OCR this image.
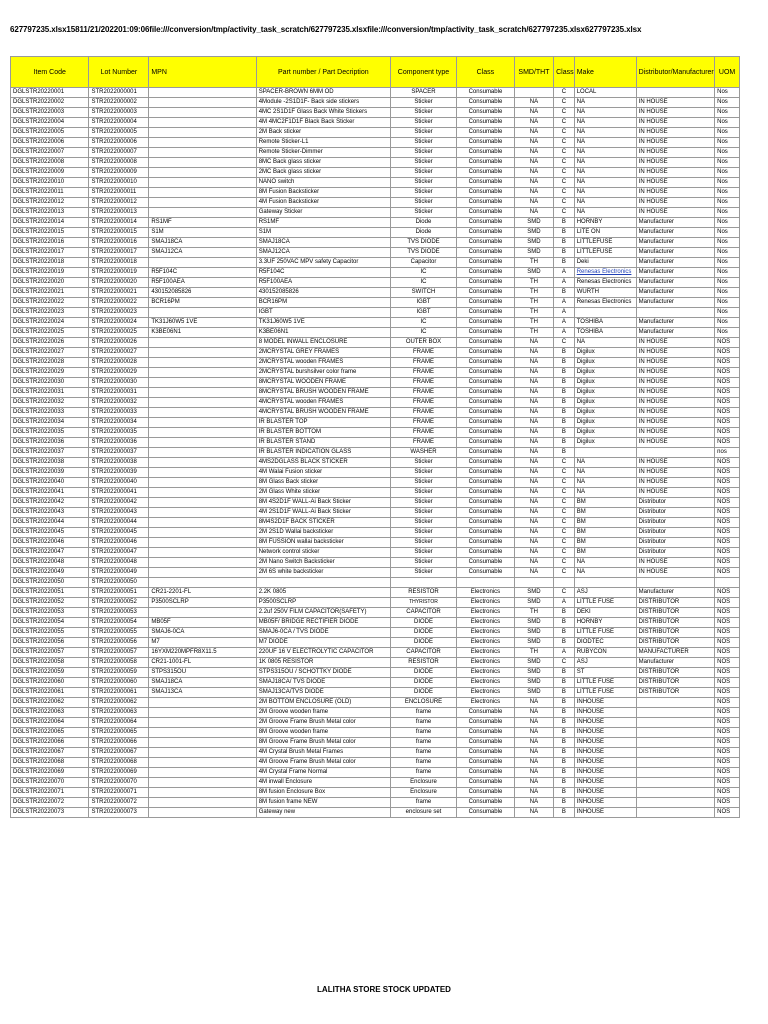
627797235.xlsx15811/21/202201:09:06file:///conversion/tmp/activity_task_scratch/627797235.xlsxfile:///conversion/tmp/activity_task_scratch/627797235.xlsx627797235.xlsx
Item Code	Lot Number	MPN	Part number / Part Decription	Component type	Class	SMD/THT	Class	Make	Distributor/Manufacturer	UOM
DGLSTR20220001	STR2022000001		SPACER-BROWN 6MM OD	SPACER	Consumable		C	LOCAL		Nos
DGLSTR20220002	STR2022000002		4Module -2S1D1F- Back side stickers	Sticker	Consumable	NA	C	NA	IN HOUSE	Nos
DGLSTR20220003	STR2022000003		4MC 2S1D1F Glass Back White Stickers	Sticker	Consumable	NA	C	NA	IN HOUSE	Nos
DGLSTR20220004	STR2022000004		4M 4MC2F1D1F Black Back Sticker	Sticker	Consumable	NA	C	NA	IN HOUSE	Nos
DGLSTR20220005	STR2022000005		2M Back sticker	Sticker	Consumable	NA	C	NA	IN HOUSE	Nos
DGLSTR20220006	STR2022000006		Remote Sticker-L1	Sticker	Consumable	NA	C	NA	IN HOUSE	Nos
DGLSTR20220007	STR2022000007		Remote Sticker-Dimmer	Sticker	Consumable	NA	C	NA	IN HOUSE	Nos
DGLSTR20220008	STR2022000008		8MC Back glass sticker	Sticker	Consumable	NA	C	NA	IN HOUSE	Nos
DGLSTR20220009	STR2022000009		2MC Back glass sticker	Sticker	Consumable	NA	C	NA	IN HOUSE	Nos
DGLSTR20220010	STR2022000010		NANO switch	Sticker	Consumable	NA	C	NA	IN HOUSE	Nos
DGLSTR20220011	STR2022000011		8M Fusion Backsticker	Sticker	Consumable	NA	C	NA	IN HOUSE	Nos
DGLSTR20220012	STR2022000012		4M Fusion Backsticker	Sticker	Consumable	NA	C	NA	IN HOUSE	Nos
DGLSTR20220013	STR2022000013		Gateway Sticker	Sticker	Consumable	NA	C	NA	IN HOUSE	Nos
DGLSTR20220014	STR2022000014	RS1MF	RS1MF	Diode	Consumable	SMD	B	HORNBY	Manufacturer	Nos
DGLSTR20220015	STR2022000015	S1M	S1M	Diode	Consumable	SMD	B	LITE ON	Manufacturer	Nos
DGLSTR20220016	STR2022000016	SMAJ18CA	SMAJ18CA	TVS DIODE	Consumable	SMD	B	LITTLEFUSE	Manufacturer	Nos
DGLSTR20220017	STR2022000017	SMAJ12CA	SMAJ12CA	TVS DIODE	Consumable	SMD	B	LITTLEFUSE	Manufacturer	Nos
DGLSTR20220018	STR2022000018		3.3UF 250VAC MPV safety Capacitor	Capacitor	Consumable	TH	B	Deki	Manufacturer	Nos
DGLSTR20220019	STR2022000019	R5F104C	R5F104C	IC	Consumable	SMD	A	Renesas Electronics	Manufacturer	Nos
DGLSTR20220020	STR2022000020	R5F100AEA	R5F100AEA	IC	Consumable	TH	A	Renesas Electronics	Manufacturer	Nos
DGLSTR20220021	STR2022000021	430152085826	430152085826	SWITCH	Consumable	TH	B	WURTH	Manufacturer	Nos
DGLSTR20220022	STR2022000022	BCR16PM	BCR16PM	IGBT	Consumable	TH	A	Renesas Electronics	Manufacturer	Nos
DGLSTR20220023	STR2022000023		IGBT	IGBT	Consumable	TH	A			Nos
DGLSTR20220024	STR2022000024	TK31J60W5 1VE	TK31J60W5 1VE	IC	Consumable	TH	A	TOSHIBA	Manufacturer	Nos
DGLSTR20220025	STR2022000025	K3BE06N1	K3BE06N1	IC	Consumable	TH	A	TOSHIBA	Manufacturer	Nos
DGLSTR20220026	STR2022000026		8 MODEL INWALL ENCLOSURE	OUTER BOX	Consumable	NA	C	NA	IN HOUSE	NOS
DGLSTR20220027	STR2022000027		2MCRYSTAL GREY FRAMES	FRAME	Consumable	NA	B	Digilux	IN HOUSE	NOS
DGLSTR20220028	STR2022000028		2MCRYSTAL wooden FRAMES	FRAME	Consumable	NA	B	Digilux	IN HOUSE	NOS
DGLSTR20220029	STR2022000029		2MCRYSTAL burshsilver color frame	FRAME	Consumable	NA	B	Digilux	IN HOUSE	NOS
DGLSTR20220030	STR2022000030		8MCRYSTAL WOODEN FRAME	FRAME	Consumable	NA	B	Digilux	IN HOUSE	NOS
DGLSTR20220031	STR2022000031		8MCRYSTAL BRUSH WOODEN FRAME	FRAME	Consumable	NA	B	Digilux	IN HOUSE	NOS
DGLSTR20220032	STR2022000032		4MCRYSTAL wooden FRAMES	FRAME	Consumable	NA	B	Digilux	IN HOUSE	NOS
DGLSTR20220033	STR2022000033		4MCRYSTAL BRUSH WOODEN FRAME	FRAME	Consumable	NA	B	Digilux	IN HOUSE	NOS
DGLSTR20220034	STR2022000034		IR BLASTER TOP	FRAME	Consumable	NA	B	Digilux	IN HOUSE	NOS
DGLSTR20220035	STR2022000035		IR BLASTER BOTTOM	FRAME	Consumable	NA	B	Digilux	IN HOUSE	NOS
DGLSTR20220036	STR2022000036		IR BLASTER STAND	FRAME	Consumable	NA	B	Digilux	IN HOUSE	NOS
DGLSTR20220037	STR2022000037		IR BLASTER INDICATION GLASS	WASHER	Consumable	NA	B			nos
DGLSTR20220038	STR2022000038		4MS2DGLASS BLACK STICKER	Sticker	Consumable	NA	C	NA	IN HOUSE	NOS
DGLSTR20220039	STR2022000039		4M Walai Fusion sticker	Sticker	Consumable	NA	C	NA	IN HOUSE	NOS
DGLSTR20220040	STR2022000040		8M Glass Back sticker	Sticker	Consumable	NA	C	NA	IN HOUSE	NOS
DGLSTR20220041	STR2022000041		2M Glass White sticker	Sticker	Consumable	NA	C	NA	IN HOUSE	NOS
DGLSTR20220042	STR2022000042		8M 4S2D1F WALL-Ai Back Sticker	Sticker	Consumable	NA	C	BM	Distributor	NOS
DGLSTR20220043	STR2022000043		4M 2S1D1F WALL-Ai Back Sticker	Sticker	Consumable	NA	C	BM	Distributor	NOS
DGLSTR20220044	STR2022000044		8M4S2D1F BACK STICKER	Sticker	Consumable	NA	C	BM	Distributor	NOS
DGLSTR20220045	STR2022000045		2M 2S1D Wallai backsticker	Sticker	Consumable	NA	C	BM	Distributor	NOS
DGLSTR20220046	STR2022000046		8M FUSSION wallai backsticker	Sticker	Consumable	NA	C	BM	Distributor	NOS
DGLSTR20220047	STR2022000047		Network control sticker	Sticker	Consumable	NA	C	BM	Distributor	NOS
DGLSTR20220048	STR2022000048		2M Nano Switch Backsticker	Sticker	Consumable	NA	C	NA	IN HOUSE	NOS
DGLSTR20220049	STR2022000049		2M 6S white backsticker	Sticker	Consumable	NA	C	NA	IN HOUSE	NOS
DGLSTR20220050	STR2022000050									
DGLSTR20220051	STR2022000051	CR21-2201-FL	2.2K 0805	RESISTOR	Electronics	SMD	C	ASJ	Manufacturer	NOS
DGLSTR20220052	STR2022000052	P3500SCLRP	P3500SCLRP	THYRISTOR	Electronics	SMD	A	LITTLE FUSE	DISTRIBUTOR	NOS
DGLSTR20220053	STR2022000053		2.2uf 250V FILM CAPACITOR(SAFETY)	CAPACITOR	Electronics	TH	B	DEKI	DISTRIBUTOR	NOS
DGLSTR20220054	STR2022000054	MB05F	MB05F/ BRIDGE RECTIFIER DIODE	DIODE	Electronics	SMD	B	HORNBY	DISTRIBUTOR	NOS
DGLSTR20220055	STR2022000055	SMAJ6-0CA	SMAJ6-0CA / TVS DIODE	DIODE	Electronics	SMD	B	LITTLE FUSE	DISTRIBUTOR	NOS
DGLSTR20220056	STR2022000056	M7	M7 DIODE	DIODE	Electronics	SMD	B	DIODTEC	DISTRIBUTOR	NOS
DGLSTR20220057	STR2022000057	16YXM220MPFR8X11.5	220UF 16 V ELECTROLYTIC CAPACITOR	CAPACITOR	Electronics	TH	A	RUBYCON	MANUFACTURER	NOS
DGLSTR20220058	STR2022000058	CR21-1001-FL	1K 0805 RESISTOR	RESISTOR	Electronics	SMD	C	ASJ	Manufacturer	NOS
DGLSTR20220059	STR2022000059	STPS315OU	STPS315OU / SCHOTTKY DIODE	DIODE	Electronics	SMD	B	ST	DISTRIBUTOR	NOS
DGLSTR20220060	STR2022000060	SMAJ18CA	SMAJ18CA/ TVS DIODE	DIODE	Electronics	SMD	B	LITTLE FUSE	DISTRIBUTOR	NOS
DGLSTR20220061	STR2022000061	SMAJ13CA	SMAJ13CA/TVS DIODE	DIODE	Electronics	SMD	B	LITTLE FUSE	DISTRIBUTOR	NOS
DGLSTR20220062	STR2022000062		2M BOTTOM ENCLOSURE (OLD)	ENCLOSURE	Electronics	NA	B	INHOUSE		NOS
DGLSTR20220063	STR2022000063		2M Groove wooden frame	frame	Consumable	NA	B	INHOUSE		NOS
DGLSTR20220064	STR2022000064		2M Groove Frame Brush Metal color	frame	Consumable	NA	B	INHOUSE		NOS
DGLSTR20220065	STR2022000065		8M Groove wooden frame	frame	Consumable	NA	B	INHOUSE		NOS
DGLSTR20220066	STR2022000066		8M Groove Frame Brush Metal color	frame	Consumable	NA	B	INHOUSE		NOS
DGLSTR20220067	STR2022000067		4M Crystal Brush Metal Frames	frame	Consumable	NA	B	INHOUSE		NOS
DGLSTR20220068	STR2022000068		4M Groove Frame Brush Metal color	frame	Consumable	NA	B	INHOUSE		NOS
DGLSTR20220069	STR2022000069		4M Crystal Frame Normal	frame	Consumable	NA	B	INHOUSE		NOS
DGLSTR20220070	STR2022000070		4M inwall Enclosure	Enclosure	Consumable	NA	B	INHOUSE		NOS
DGLSTR20220071	STR2022000071		8M fusion Enclosure Box	Enclosure	Consumable	NA	B	INHOUSE		NOS
DGLSTR20220072	STR2022000072		8M fusion frame NEW	frame	Consumable	NA	B	INHOUSE		NOS
DGLSTR20220073	STR2022000073		Gateway new	enclosure set	Consumable	NA	B	INHOUSE		NOS
LALITHA STORE STOCK UPDATED
